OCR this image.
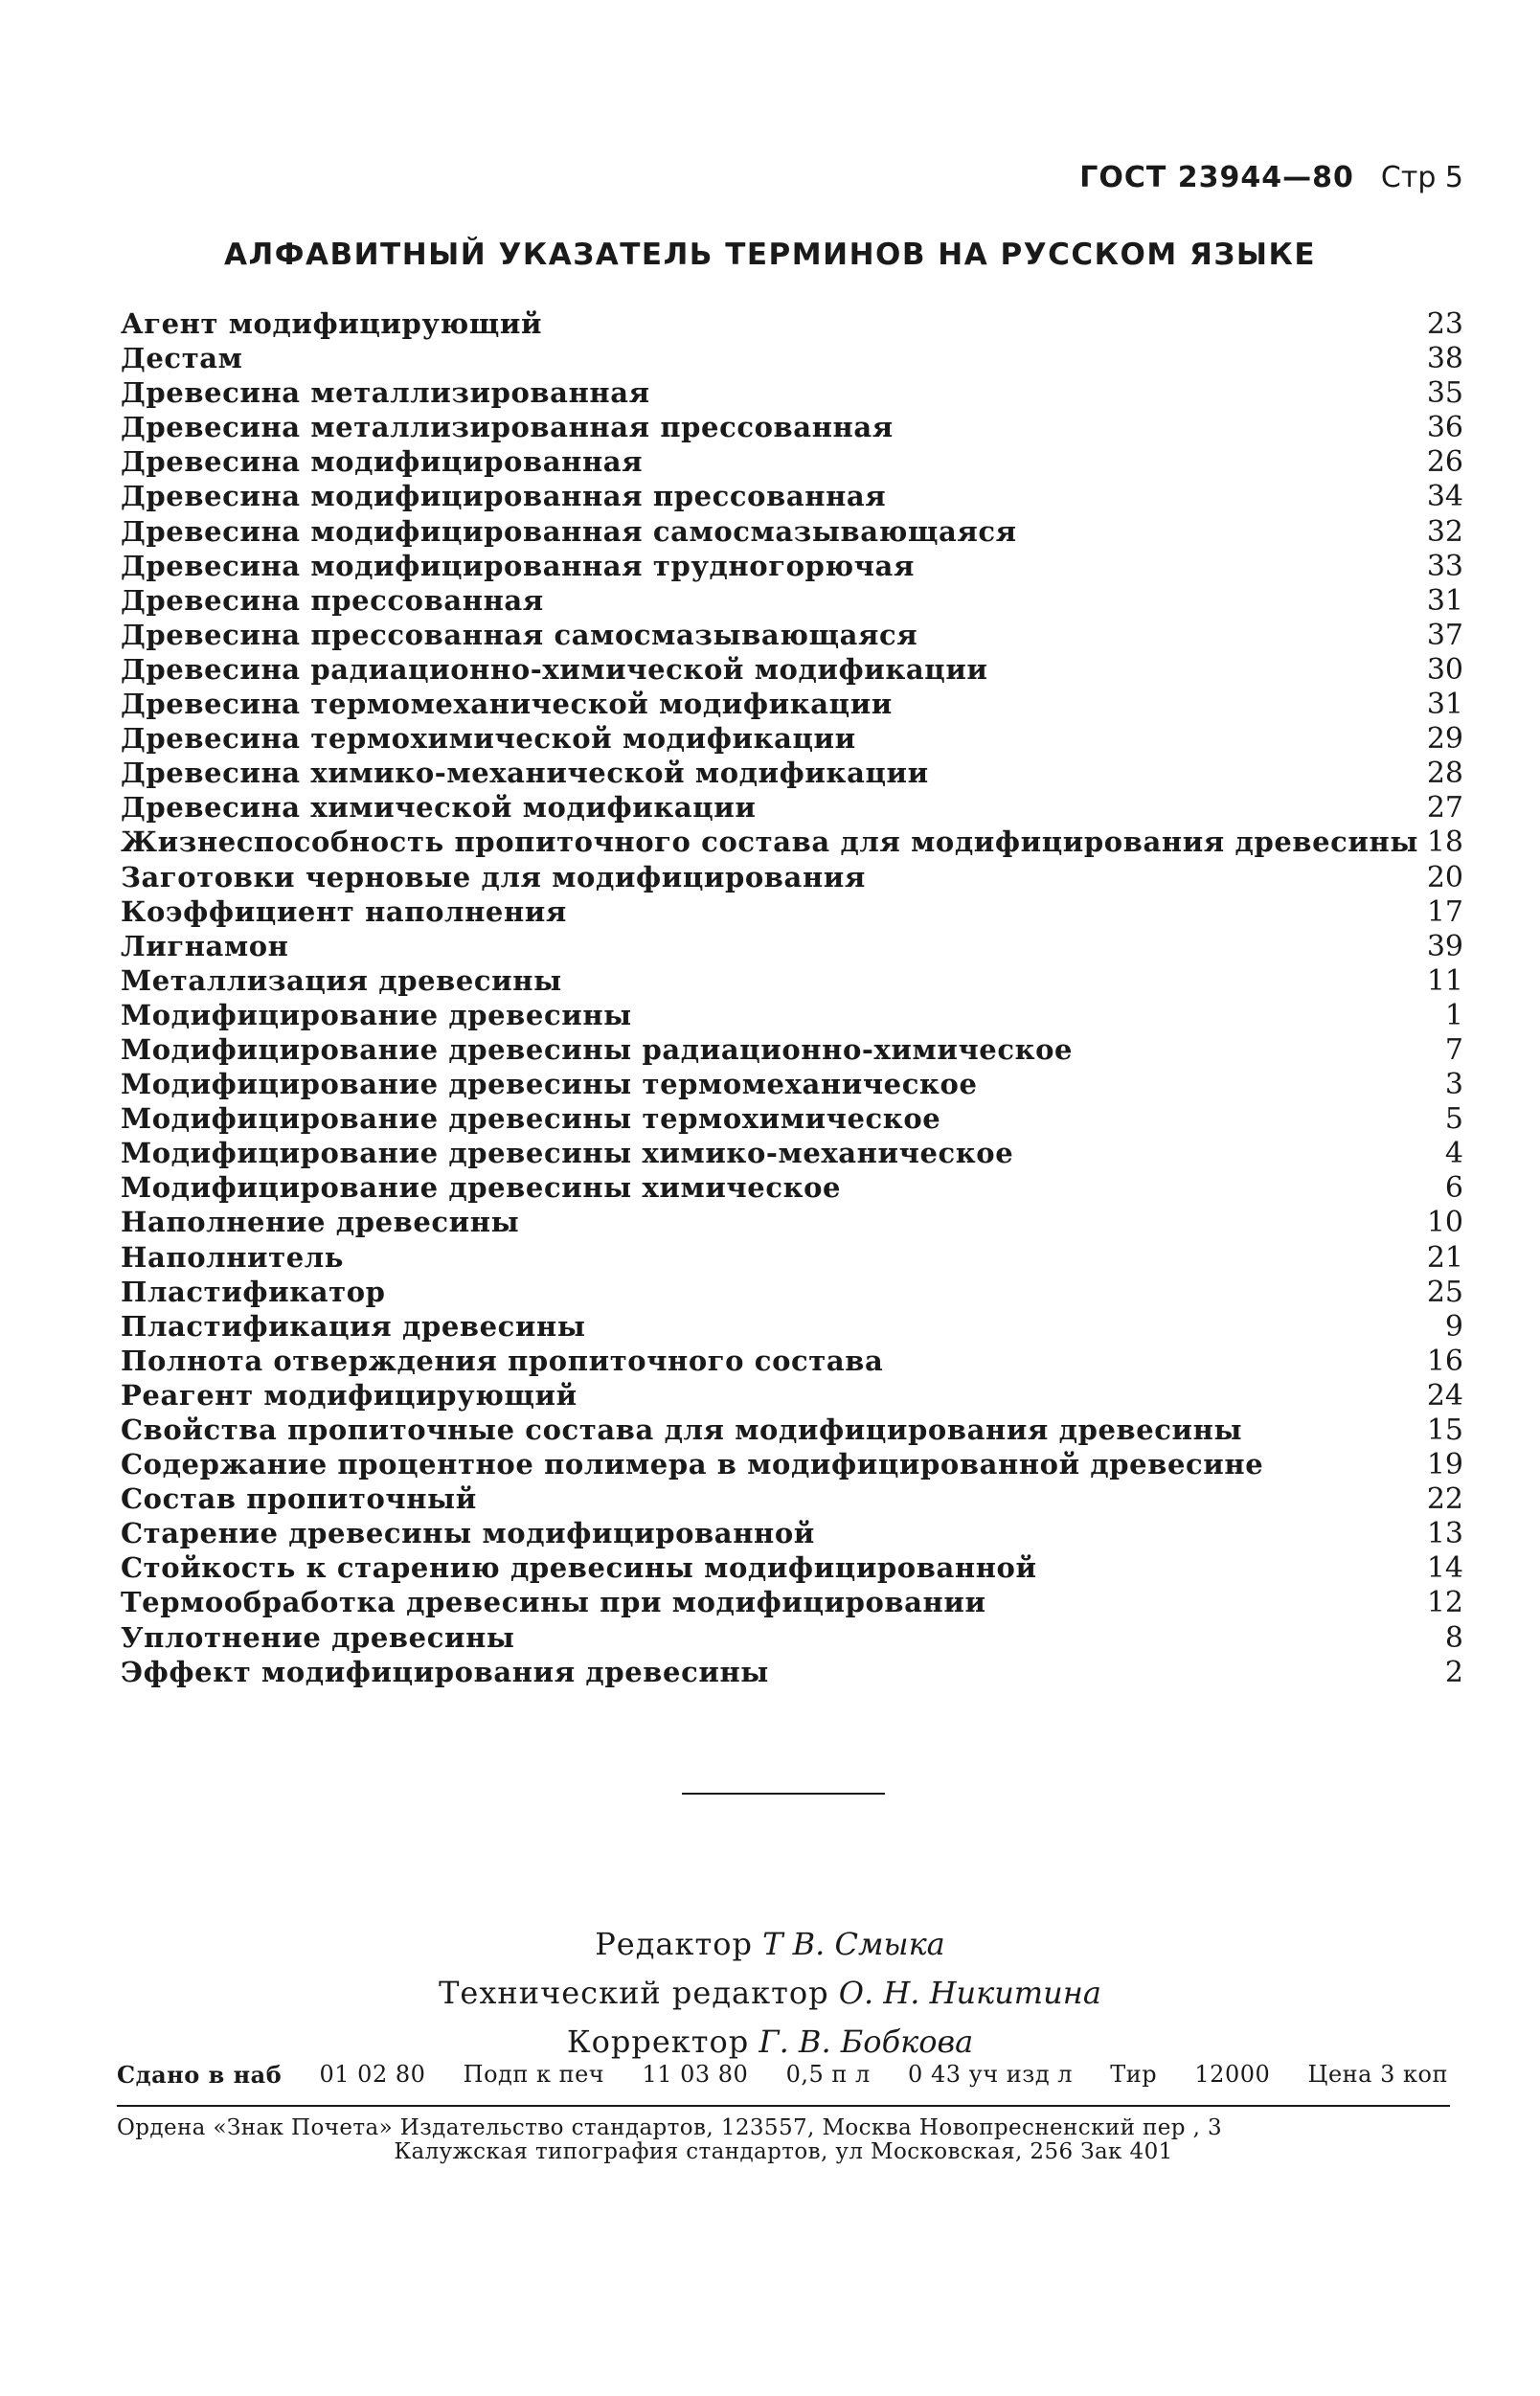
ГОСТ 23944—80 Стр 5
АЛФАВИТНЫЙ УКАЗАТЕЛЬ ТЕРМИНОВ НА РУССКОМ ЯЗЫКЕ
Агент модифицирующий	23
Дестам	38
Древесина металлизированная	35
Древесина металлизированная прессованная	36
Древесина модифицированная	26
Древесина модифицированная прессованная	34
Древесина модифицированная самосмазывающаяся	32
Древесина модифицированная трудногорючая	33
Древесина прессованная	31
Древесина прессованная самосмазывающаяся	37
Древесина радиационно-химической модификации	30
Древесина термомеханической модификации	31
Древесина термохимической модификации	29
Древесина химико-механической модификации	28
Древесина химической модификации	27
Жизнеспособность пропиточного состава для модифицирования древесины 18
Заготовки черновые для модифицирования	20
Коэффициент наполнения	17
Лигнамон	39
Металлизация древесины	11
Модифицирование древесины	1
Модифицирование древесины радиационно-химическое	7
Модифицирование древесины термомеханическое	3
Модифицирование древесины термохимическое	5
Модифицирование древесины химико-механическое	4
Модифицирование древесины химическое	6
Наполнение древесины	10
Наполнитель	21
Пластификатор	25
Пластификация древесины	9
Полнота отверждения пропиточного состава	16
Реагент модифицирующий	24
Свойства пропиточные состава для модифицирования древесины	15
Содержание процентное полимера в модифицированной древесине	19
Состав пропиточный	22
Старение древесины модифицированной	13
Стойкость к старению древесины модифицированной	14
Термообработка древесины при модифицировании	12
Уплотнение древесины	8
Эффект модифицирования древесины	2
Редактор Т В. Смыка
Технический редактор О. Н. Никитина
Корректор Г. В. Бобкова
Сдано в наб 01 02 80 Подп к печ 11 03 80 0,5 п л 0 43 уч изд л Тир 12000 Цена 3 коп
Ордена «Знак Почета» Издательство стандартов, 123557, Москва Новопресненский пер , 3
Калужская типография стандартов, ул Московская, 256 Зак 401
